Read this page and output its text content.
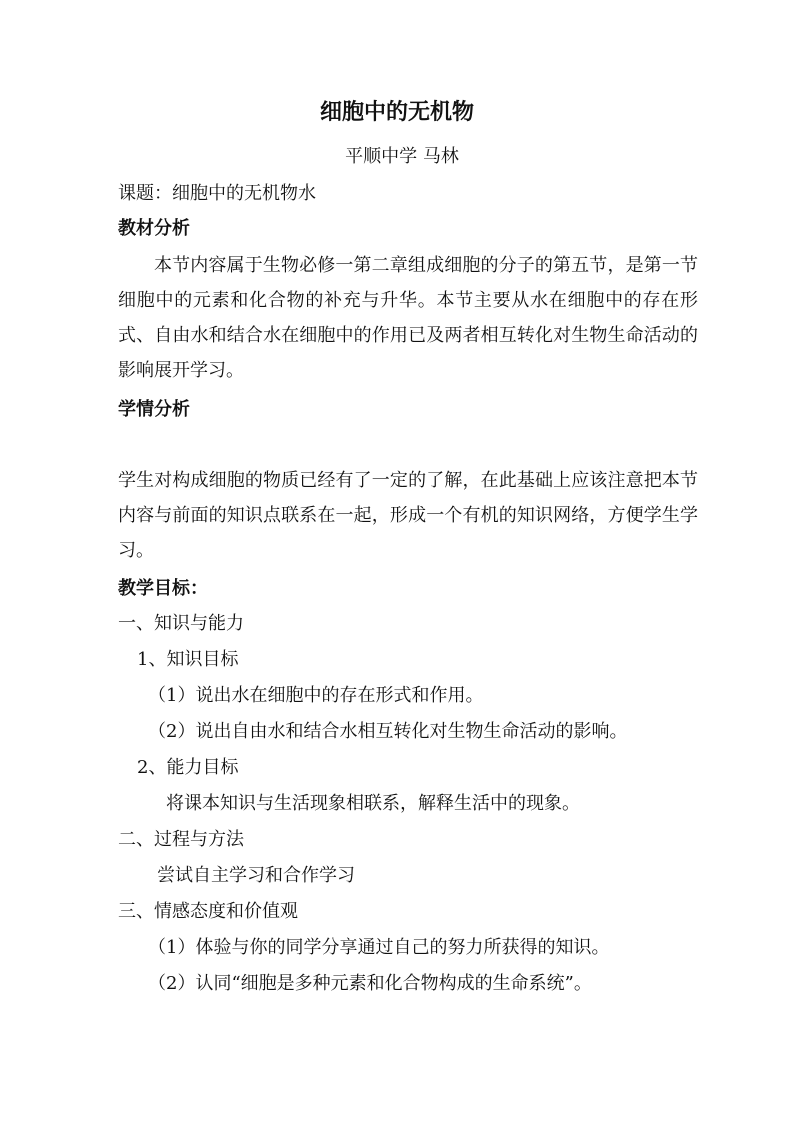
细胞中的无机物
平顺中学 马林
课题：细胞中的无机物水
教材分析
本节内容属于生物必修一第二章组成细胞的分子的第五节，是第一节细胞中的元素和化合物的补充与升华。本节主要从水在细胞中的存在形式、自由水和结合水在细胞中的作用已及两者相互转化对生物生命活动的影响展开学习。
学情分析
学生对构成细胞的物质已经有了一定的了解，在此基础上应该注意把本节内容与前面的知识点联系在一起，形成一个有机的知识网络，方便学生学习。
教学目标：
一、知识与能力
1、知识目标
（1）说出水在细胞中的存在形式和作用。
（2）说出自由水和结合水相互转化对生物生命活动的影响。
2、能力目标
将课本知识与生活现象相联系，解释生活中的现象。
二、过程与方法
尝试自主学习和合作学习
三、情感态度和价值观
（1）体验与你的同学分享通过自己的努力所获得的知识。
（2）认同“细胞是多种元素和化合物构成的生命系统”。
